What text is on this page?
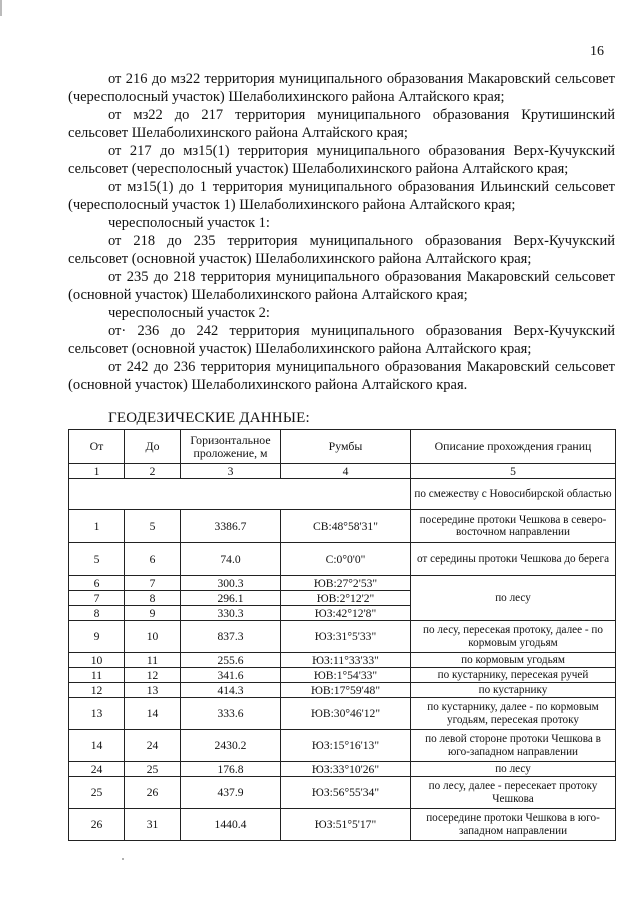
16

от 216 до мз22 территория муниципального образования Макаровский сельсовет (чересполосный участок) Шелаболихинского района Алтайского края;

от мз22 до 217 территория муниципального образования Крутишинский сельсовет Шелаболихинского района Алтайского края;

от 217 до мз15(1) территория муниципального образования Верх-Кучукский сельсовет (чересполосный участок) Шелаболихинского района Алтайского края;

от мз15(1) до 1 территория муниципального образования Ильинский сельсовет (чересполосный участок 1) Шелаболихинского района Алтайского края;

чересполосный участок 1:

от 218 до 235 территория муниципального образования Верх-Кучукский сельсовет (основной участок) Шелаболихинского района Алтайского края;

от 235 до 218 территория муниципального образования Макаровский сельсовет (основной участок) Шелаболихинского района Алтайского края;

чересполосный участок 2:

от· 236 до 242 территория муниципального образования Верх-Кучукский сельсовет (основной участок) Шелаболихинского района Алтайского края;

от 242 до 236 территория муниципального образования Макаровский сельсовет (основной участок) Шелаболихинского района Алтайского края.

ГЕОДЕЗИЧЕСКИЕ ДАННЫЕ:
От	До	Горизонтальное проложение, м	Румбы	Описание прохождения границ
1	2	3	4	5
				по смежеству с Новосибирской областью
1	5	3386.7	СВ:48°58'31"	посередине протоки Чешкова в северо-восточном направлении
5	6	74.0	С:0°0'0"	от середины протоки Чешкова до берега
6	7	300.3	ЮВ:27°2'53"	по лесу
7	8	296.1	ЮВ:2°12'2"	
8	9	330.3	ЮЗ:42°12'8"	
9	10	837.3	ЮЗ:31°5'33"	по лесу, пересекая протоку, далее - по кормовым угодьям
10	11	255.6	ЮЗ:11°33'33"	по кормовым угодьям
11	12	341.6	ЮВ:1°54'33"	по кустарнику, пересекая ручей
12	13	414.3	ЮВ:17°59'48"	по кустарнику
13	14	333.6	ЮВ:30°46'12"	по кустарнику, далее - по кормовым угодьям, пересекая протоку
14	24	2430.2	ЮЗ:15°16'13"	по левой стороне протоки Чешкова в юго-западном направлении
24	25	176.8	ЮЗ:33°10'26"	по лесу
25	26	437.9	ЮЗ:56°55'34"	по лесу, далее - пересекает протоку Чешкова
26	31	1440.4	ЮЗ:51°5'17"	посередине протоки Чешкова в юго-западном направлении
